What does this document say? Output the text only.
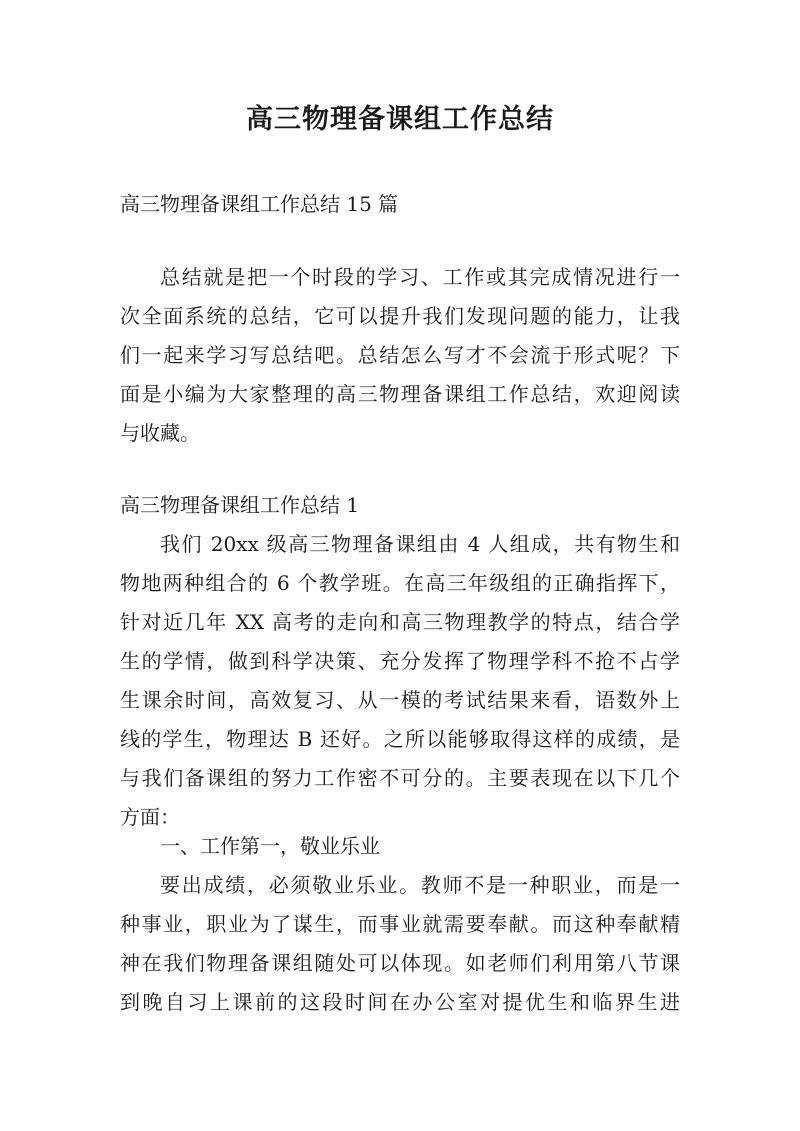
高三物理备课组工作总结
高三物理备课组工作总结 15 篇
总结就是把一个时段的学习、工作或其完成情况进行一
次全面系统的总结，它可以提升我们发现问题的能力，让我
们一起来学习写总结吧。总结怎么写才不会流于形式呢？下
面是小编为大家整理的高三物理备课组工作总结，欢迎阅读
与收藏。
高三物理备课组工作总结 1
我们 20xx 级高三物理备课组由 4 人组成，共有物生和
物地两种组合的 6 个教学班。在高三年级组的正确指挥下，
针对近几年 XX 高考的走向和高三物理教学的特点，结合学
生的学情，做到科学决策、充分发挥了物理学科不抢不占学
生课余时间，高效复习、从一模的考试结果来看，语数外上
线的学生，物理达 B 还好。之所以能够取得这样的成绩，是
与我们备课组的努力工作密不可分的。主要表现在以下几个
方面：
一、工作第一，敬业乐业
要出成绩，必须敬业乐业。教师不是一种职业，而是一
种事业，职业为了谋生，而事业就需要奉献。而这种奉献精
神在我们物理备课组随处可以体现。如老师们利用第八节课
到晚自习上课前的这段时间在办公室对提优生和临界生进
